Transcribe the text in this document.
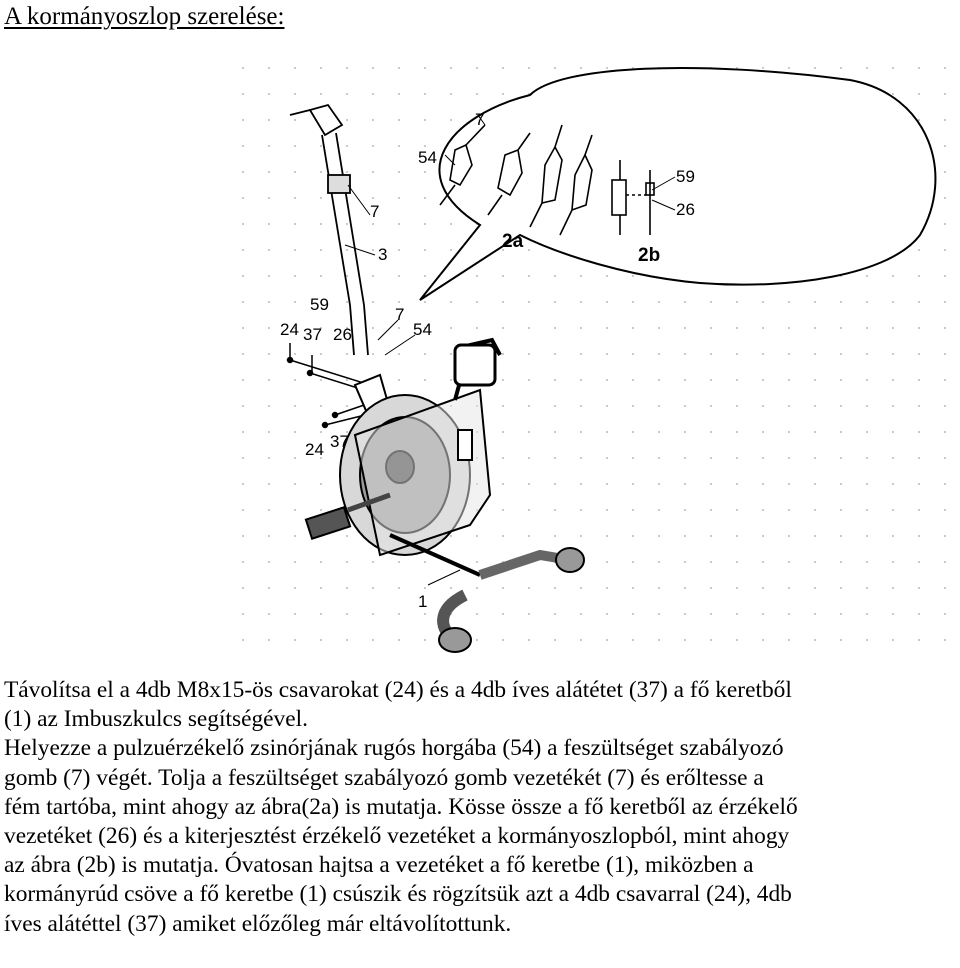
A kormányoszlop szerelése:
7
3
59
24 37 26
7
54
24 37
1
7
54
2a
59
26
2b

Távolítsa el a 4db M8x15-ös csavarokat (24) és a 4db íves alátétet (37) a fő keretből

(1) az Imbuszkulcs segítségével.

Helyezze a pulzuérzékelő zsinórjának rugós horgába (54) a feszültséget szabályozó

gomb (7) végét. Tolja a feszültséget szabályozó gomb vezetékét (7) és erőltesse a

fém tartóba, mint ahogy az ábra(2a) is mutatja. Kösse össze a fő keretből az érzékelő

vezetéket (26) és a kiterjesztést érzékelő vezetéket a kormányoszlopból, mint ahogy

az ábra (2b) is mutatja. Óvatosan hajtsa a vezetéket a fő keretbe (1), miközben a

kormányrúd csöve a fő keretbe (1) csúszik és rögzítsük azt a 4db csavarral (24), 4db

íves alátéttel (37) amiket előzőleg már eltávolítottunk.
